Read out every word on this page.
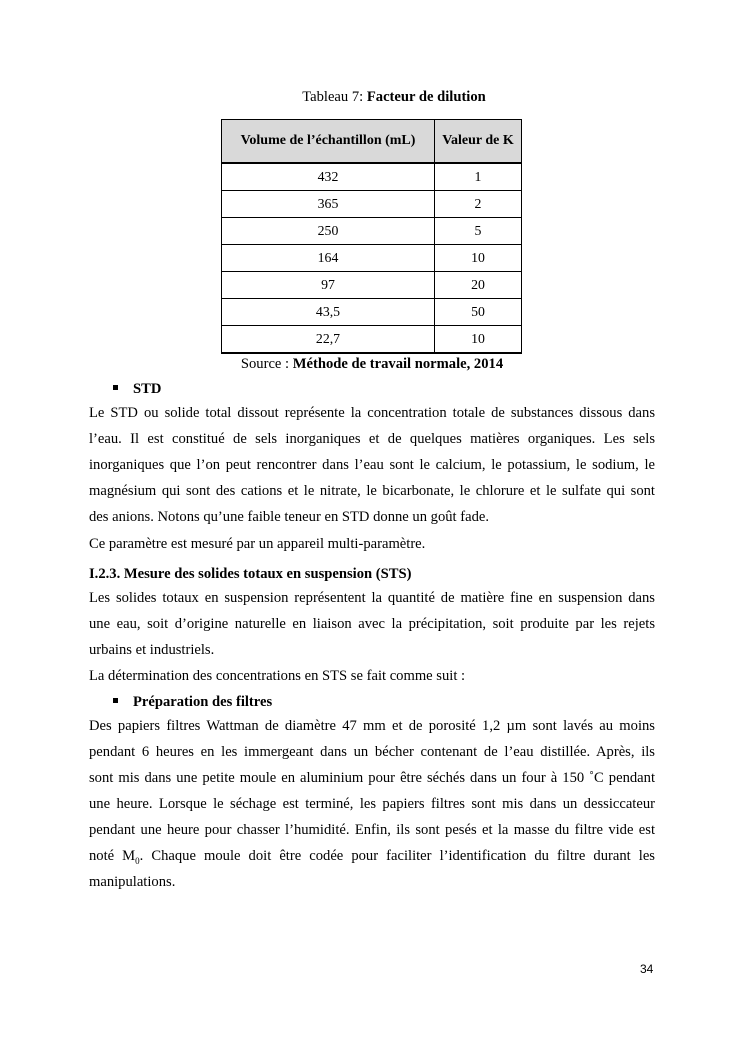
Tableau 7: Facteur de dilution
Volume de l’échantillon (mL)	Valeur de K
432	1
365	2
250	5
164	10
97	20
43,5	50
22,7	10
Source : Méthode de travail normale, 2014
STD
Le STD ou solide total dissout représente la concentration totale de substances dissous dans
l’eau. Il est constitué de sels inorganiques et de quelques matières organiques. Les sels
inorganiques que l’on peut rencontrer dans l’eau sont le calcium, le potassium, le sodium, le
magnésium qui sont des cations et le nitrate, le bicarbonate, le chlorure et le sulfate qui sont
des anions. Notons qu’une faible teneur en STD donne un goût fade.
Ce paramètre est mesuré par un appareil multi-paramètre.
I.2.3. Mesure des solides totaux en suspension (STS)
Les solides totaux en suspension représentent la quantité de matière fine en suspension dans
une eau, soit d’origine naturelle en liaison avec la précipitation, soit produite par les rejets
urbains et industriels.
La détermination des concentrations en STS se fait comme suit :
Préparation des filtres
Des papiers filtres Wattman de diamètre 47 mm et de porosité 1,2 µm sont lavés au moins
pendant 6 heures en les immergeant dans un bécher contenant de l’eau distillée. Après, ils
sont mis dans une petite moule en aluminium pour être séchés dans un four à 150 ˚C pendant
une heure. Lorsque le séchage est terminé, les papiers filtres sont mis dans un dessiccateur
pendant une heure pour chasser l’humidité. Enfin, ils sont pesés et la masse du filtre vide est
noté $M_0$. Chaque moule doit être codée pour faciliter l’identification du filtre durant les
manipulations.
34
